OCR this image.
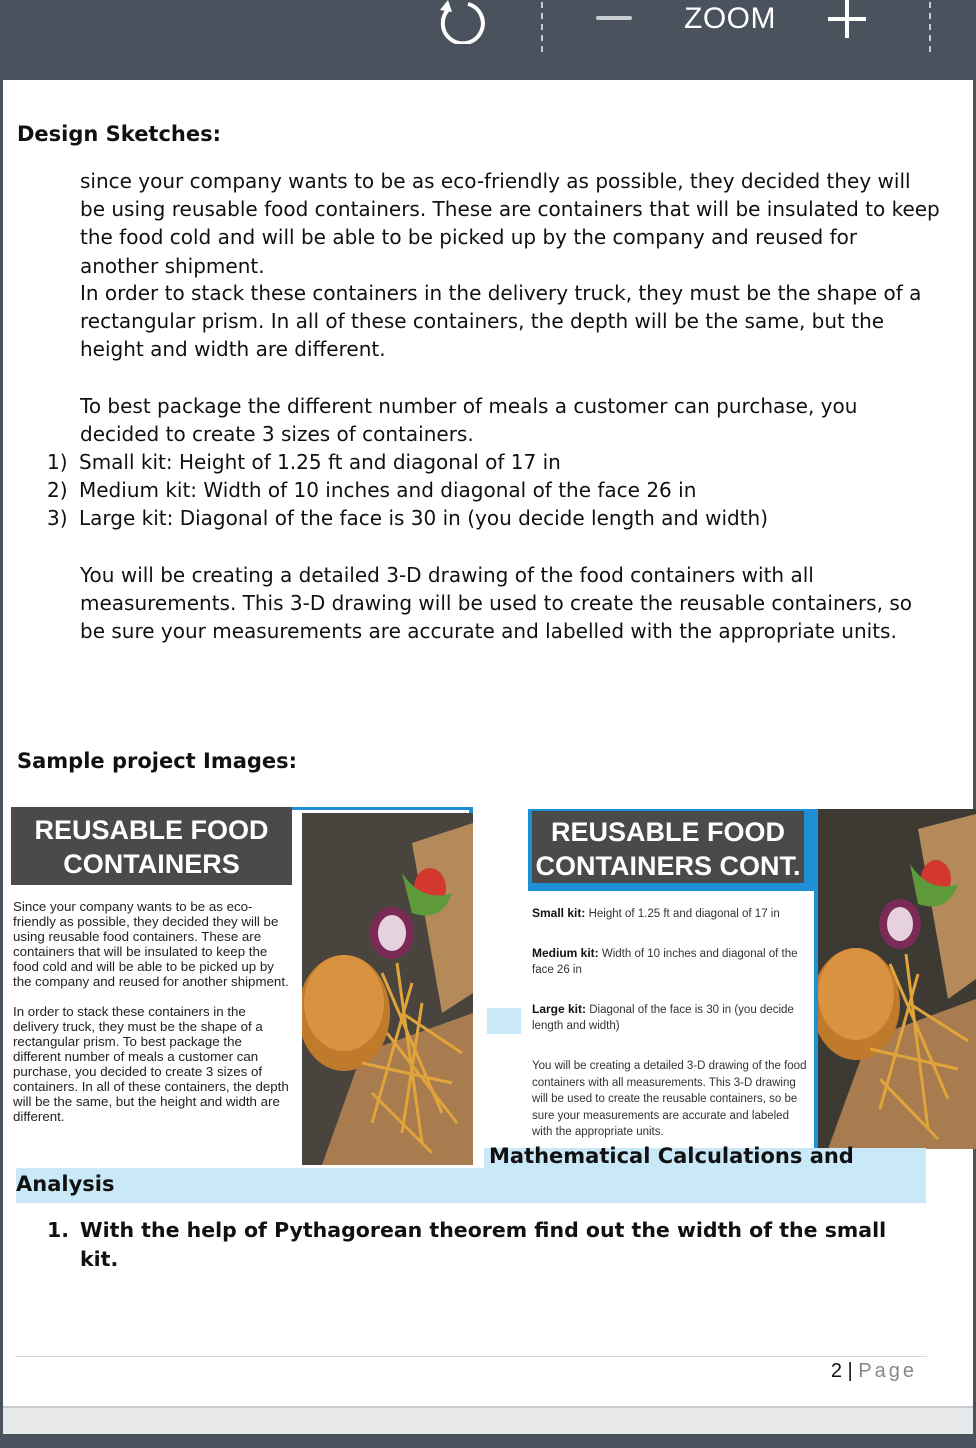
ZOOM
Design Sketches:
since your company wants to be as eco-friendly as possible, they decided they will be using reusable food containers. These are containers that will be insulated to keep the food cold and will be able to be picked up by the company and reused for another shipment.
In order to stack these containers in the delivery truck, they must be the shape of a rectangular prism. In all of these containers, the depth will be the same, but the height and width are different.
To best package the different number of meals a customer can purchase, you decided to create 3 sizes of containers.
1) Small kit: Height of 1.25 ft and diagonal of 17 in
2) Medium kit: Width of 10 inches and diagonal of the face 26 in
3) Large kit: Diagonal of the face is 30 in (you decide length and width)
You will be creating a detailed 3-D drawing of the food containers with all measurements. This 3-D drawing will be used to create the reusable containers, so be sure your measurements are accurate and labelled with the appropriate units.
Sample project Images:
REUSABLE FOOD
CONTAINERS

Since your company wants to be as eco-friendly as possible, they decided they will be using reusable food containers. These are containers that will be insulated to keep the food cold and will be able to be picked up by the company and reused for another shipment.

In order to stack these containers in the delivery truck, they must be the shape of a rectangular prism. To best package the different number of meals a customer can purchase, you decided to create 3 sizes of containers. In all of these containers, the depth will be the same, but the height and width are different.

REUSABLE FOOD
CONTAINERS CONT.
Small kit: Height of 1.25 ft and diagonal of 17 in
Medium kit: Width of 10 inches and diagonal of the face 26 in
Large kit: Diagonal of the face is 30 in (you decide length and width)
You will be creating a detailed 3-D drawing of the food containers with all measurements. This 3-D drawing will be used to create the reusable containers, so be sure your measurements are accurate and labeled with the appropriate units.
Mathematical Calculations and
Analysis
1. With the help of Pythagorean theorem find out the width of the small kit.
2 | Page
